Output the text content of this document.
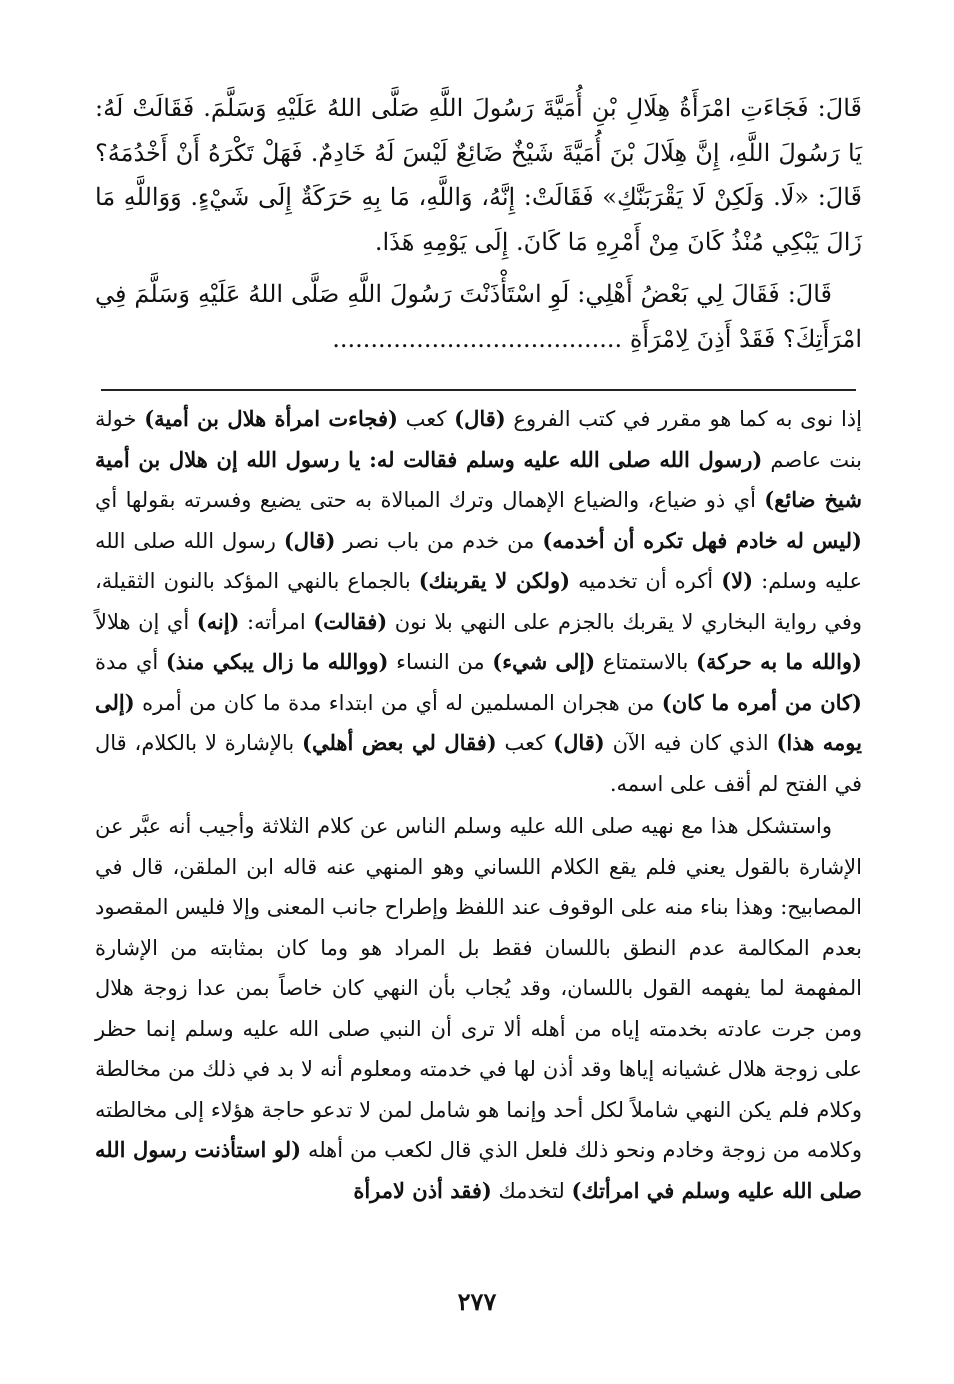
قَالَ: فَجَاءَتِ امْرَأَةُ هِلَالِ بْنِ أُمَيَّةَ رَسُولَ اللَّهِ صَلَّى اللهُ عَلَيْهِ وَسَلَّمَ. فَقَالَتْ لَهُ: يَا رَسُولَ اللَّهِ، إِنَّ هِلَالَ بْنَ أُمَيَّةَ شَيْخٌ ضَائِعٌ لَيْسَ لَهُ خَادِمٌ. فَهَلْ تَكْرَهُ أَنْ أَخْدُمَهُ؟ قَالَ: «لَا. وَلَكِنْ لَا يَقْرَبَنَّكِ» فَقَالَتْ: إِنَّهُ، وَاللَّهِ، مَا بِهِ حَرَكَةٌ إِلَى شَيْءٍ. وَوَاللَّهِ مَا زَالَ يَبْكِي مُنْذُ كَانَ مِنْ أَمْرِهِ مَا كَانَ. إِلَى يَوْمِهِ هَذَا.

قَالَ: فَقَالَ لِي بَعْضُ أَهْلِي: لَوِ اسْتَأْذَنْتَ رَسُولَ اللَّهِ صَلَّى اللهُ عَلَيْهِ وَسَلَّمَ فِي امْرَأَتِكَ؟ فَقَدْ أَذِنَ لِامْرَأَةِ ......................................

إذا نوى به كما هو مقرر في كتب الفروع (قال) كعب (فجاءت امرأة هلال بن أمية) خولة بنت عاصم (رسول الله صلى الله عليه وسلم فقالت له: يا رسول الله إن هلال بن أمية شيخ ضائع) أي ذو ضياع، والضياع الإهمال وترك المبالاة به حتى يضيع وفسرته بقولها أي (ليس له خادم فهل تكره أن أخدمه) من خدم من باب نصر (قال) رسول الله صلى الله عليه وسلم: (لا) أكره أن تخدميه (ولكن لا يقربنك) بالجماع بالنهي المؤكد بالنون الثقيلة، وفي رواية البخاري لا يقربك بالجزم على النهي بلا نون (فقالت) امرأته: (إنه) أي إن هلالاً (والله ما به حركة) بالاستمتاع (إلى شيء) من النساء (ووالله ما زال يبكي منذ) أي مدة (كان من أمره ما كان) من هجران المسلمين له أي من ابتداء مدة ما كان من أمره (إلى يومه هذا) الذي كان فيه الآن (قال) كعب (فقال لي بعض أهلي) بالإشارة لا بالكلام، قال في الفتح لم أقف على اسمه.

واستشكل هذا مع نهيه صلى الله عليه وسلم الناس عن كلام الثلاثة وأجيب أنه عبَّر عن الإشارة بالقول يعني فلم يقع الكلام اللساني وهو المنهي عنه قاله ابن الملقن، قال في المصابيح: وهذا بناء منه على الوقوف عند اللفظ وإطراح جانب المعنى وإلا فليس المقصود بعدم المكالمة عدم النطق باللسان فقط بل المراد هو وما كان بمثابته من الإشارة المفهمة لما يفهمه القول باللسان، وقد يُجاب بأن النهي كان خاصاً بمن عدا زوجة هلال ومن جرت عادته بخدمته إياه من أهله ألا ترى أن النبي صلى الله عليه وسلم إنما حظر على زوجة هلال غشيانه إياها وقد أذن لها في خدمته ومعلوم أنه لا بد في ذلك من مخالطة وكلام فلم يكن النهي شاملاً لكل أحد وإنما هو شامل لمن لا تدعو حاجة هؤلاء إلى مخالطته وكلامه من زوجة وخادم ونحو ذلك فلعل الذي قال لكعب من أهله (لو استأذنت رسول الله صلى الله عليه وسلم في امرأتك) لتخدمك (فقد أذن لامرأة

٢٧٧
